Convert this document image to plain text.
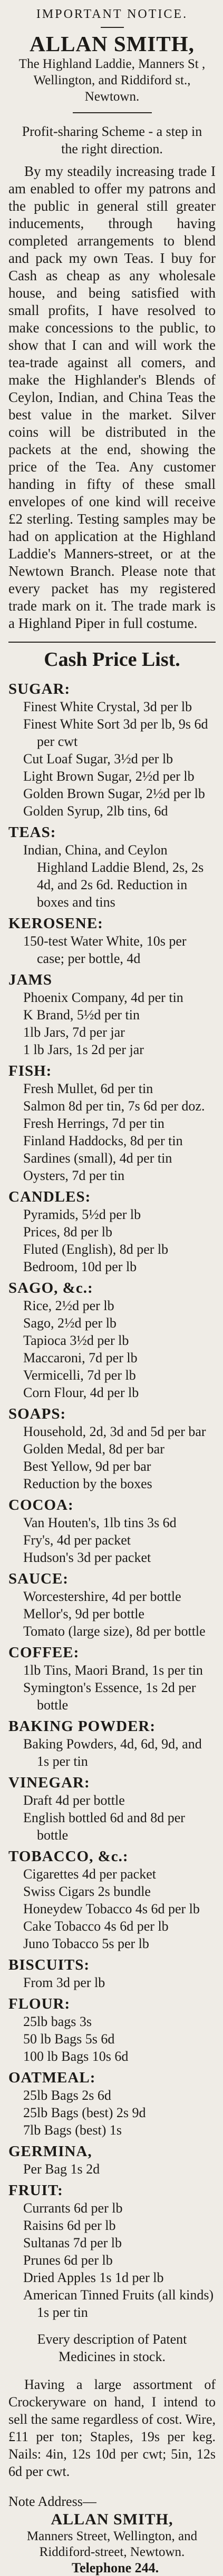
IMPORTANT NOTICE.
ALLAN SMITH,
The Highland Laddie, Manners St ,
Wellington, and Riddiford st.,
Newtown.
Profit-sharing Scheme - a step in the right direction.

By my steadily increasing trade I am enabled to offer my patrons and the public in general still greater inducements, through having completed arrangements to blend and pack my own Teas. I buy for Cash as cheap as any wholesale house, and being satisfied with small profits, I have resolved to make concessions to the public, to show that I can and will work the tea-trade against all comers, and make the Highlander's Blends of Ceylon, Indian, and China Teas the best value in the market. Silver coins will be distributed in the packets at the end, showing the price of the Tea. Any customer handing in fifty of these small envelopes of one kind will receive £2 sterling. Testing samples may be had on application at the Highland Laddie's Manners-street, or at the Newtown Branch. Please note that every packet has my registered trade mark on it. The trade mark is a Highland Piper in full costume.

Cash Price List.
SUGAR:
Finest White Crystal, 3d per lb
Finest White Sort 3d per lb, 9s 6d per cwt
Cut Loaf Sugar, 3½d per lb
Light Brown Sugar, 2½d per lb
Golden Brown Sugar, 2½d per lb
Golden Syrup, 2lb tins, 6d
TEAS:
Indian, China, and Ceylon Highland Laddie Blend, 2s, 2s 4d, and 2s 6d. Reduction in boxes and tins
KEROSENE:
150-test Water White, 10s per case; per bottle, 4d
JAMS
Phoenix Company, 4d per tin
K Brand, 5½d per tin
1lb Jars, 7d per jar
1 lb Jars, 1s 2d per jar
FISH:
Fresh Mullet, 6d per tin
Salmon 8d per tin, 7s 6d per doz.
Fresh Herrings, 7d per tin
Finland Haddocks, 8d per tin
Sardines (small), 4d per tin
Oysters, 7d per tin
CANDLES:
Pyramids, 5½d per lb
Prices, 8d per lb
Fluted (English), 8d per lb
Bedroom, 10d per lb
SAGO, &c.:
Rice, 2½d per lb
Sago, 2½d per lb
Tapioca 3½d per lb
Maccaroni, 7d per lb
Vermicelli, 7d per lb
Corn Flour, 4d per lb
SOAPS:
Household, 2d, 3d and 5d per bar
Golden Medal, 8d per bar
Best Yellow, 9d per bar
Reduction by the boxes
COCOA:
Van Houten's, 1lb tins 3s 6d
Fry's, 4d per packet
Hudson's 3d per packet
SAUCE:
Worcestershire, 4d per bottle
Mellor's, 9d per bottle
Tomato (large size), 8d per bottle
COFFEE:
1lb Tins, Maori Brand, 1s per tin
Symington's Essence, 1s 2d per bottle
BAKING POWDER:
Baking Powders, 4d, 6d, 9d, and 1s per tin
VINEGAR:
Draft 4d per bottle
English bottled 6d and 8d per bottle
TOBACCO, &c.:
Cigarettes 4d per packet
Swiss Cigars 2s bundle
Honeydew Tobacco 4s 6d per lb
Cake Tobacco 4s 6d per lb
Juno Tobacco 5s per lb
BISCUITS:
From 3d per lb
FLOUR:
25lb bags 3s
50 lb Bags 5s 6d
100 lb Bags 10s 6d
OATMEAL:
25lb Bags 2s 6d
25lb Bags (best) 2s 9d
7lb Bags (best) 1s
GERMINA,
Per Bag 1s 2d
FRUIT:
Currants 6d per lb
Raisins 6d per lb
Sultanas 7d per lb
Prunes 6d per lb
Dried Apples 1s 1d per lb
American Tinned Fruits (all kinds) 1s per tin
Every description of Patent Medicines in stock.

Having a large assortment of Crockeryware on hand, I intend to sell the same regardless of cost. Wire, £11 per ton; Staples, 19s per keg. Nails: 4in, 12s 10d per cwt; 5in, 12s 6d per cwt.

Note Address—
ALLAN SMITH,
Manners Street, Wellington, and
Riddiford-street, Newtown.
Telephone 244.
